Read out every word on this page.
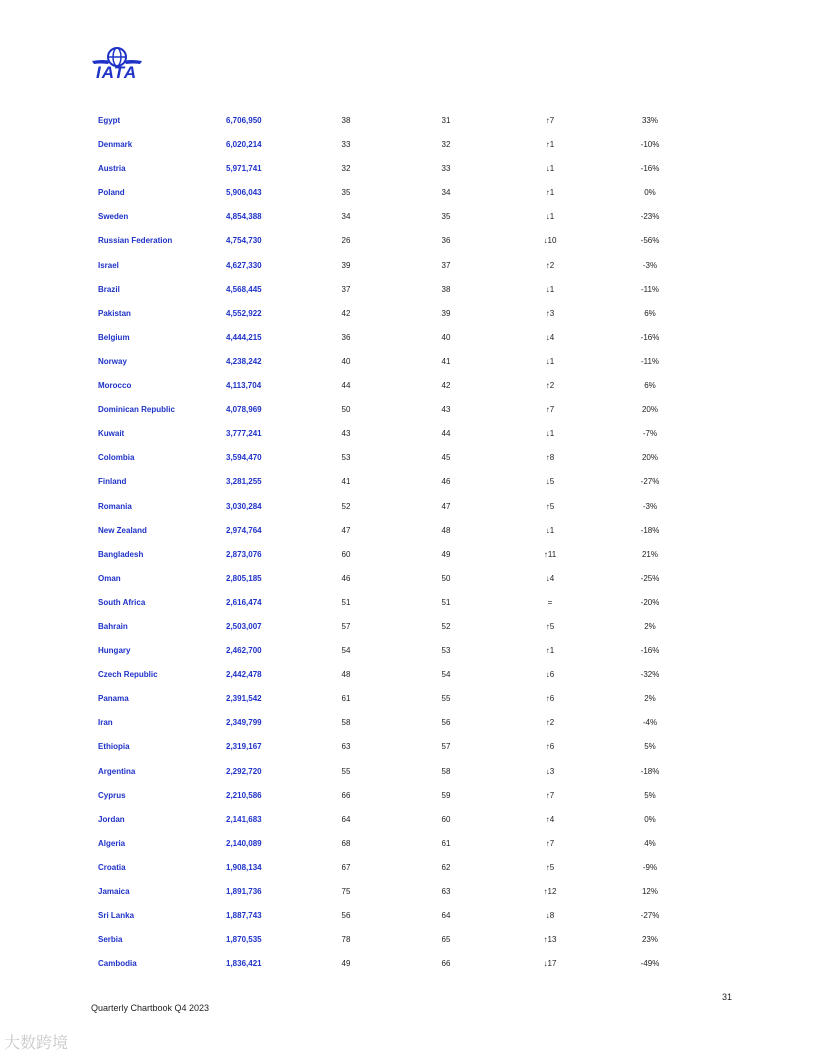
IATA
Egypt	6,706,950	38	31	↑7	33%
Denmark	6,020,214	33	32	↑1	-10%
Austria	5,971,741	32	33	↓1	-16%
Poland	5,906,043	35	34	↑1	0%
Sweden	4,854,388	34	35	↓1	-23%
Russian Federation	4,754,730	26	36	↓10	-56%
Israel	4,627,330	39	37	↑2	-3%
Brazil	4,568,445	37	38	↓1	-11%
Pakistan	4,552,922	42	39	↑3	6%
Belgium	4,444,215	36	40	↓4	-16%
Norway	4,238,242	40	41	↓1	-11%
Morocco	4,113,704	44	42	↑2	6%
Dominican Republic	4,078,969	50	43	↑7	20%
Kuwait	3,777,241	43	44	↓1	-7%
Colombia	3,594,470	53	45	↑8	20%
Finland	3,281,255	41	46	↓5	-27%
Romania	3,030,284	52	47	↑5	-3%
New Zealand	2,974,764	47	48	↓1	-18%
Bangladesh	2,873,076	60	49	↑11	21%
Oman	2,805,185	46	50	↓4	-25%
South Africa	2,616,474	51	51	=	-20%
Bahrain	2,503,007	57	52	↑5	2%
Hungary	2,462,700	54	53	↑1	-16%
Czech Republic	2,442,478	48	54	↓6	-32%
Panama	2,391,542	61	55	↑6	2%
Iran	2,349,799	58	56	↑2	-4%
Ethiopia	2,319,167	63	57	↑6	5%
Argentina	2,292,720	55	58	↓3	-18%
Cyprus	2,210,586	66	59	↑7	5%
Jordan	2,141,683	64	60	↑4	0%
Algeria	2,140,089	68	61	↑7	4%
Croatia	1,908,134	67	62	↑5	-9%
Jamaica	1,891,736	75	63	↑12	12%
Sri Lanka	1,887,743	56	64	↓8	-27%
Serbia	1,870,535	78	65	↑13	23%
Cambodia	1,836,421	49	66	↓17	-49%
31
Quarterly Chartbook Q4 2023
大数跨境
